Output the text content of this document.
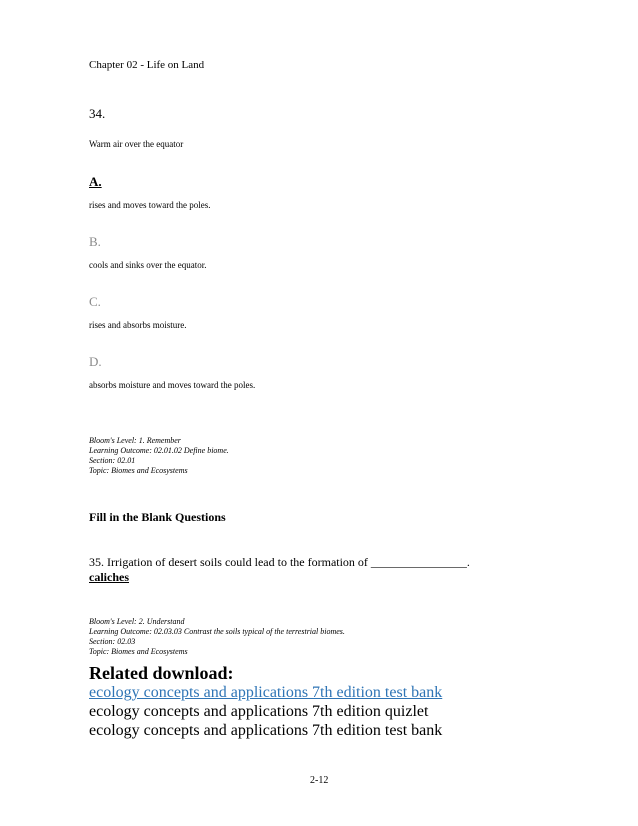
Chapter 02 - Life on Land
34.
Warm air over the equator
A.
rises and moves toward the poles.
B.
cools and sinks over the equator.
C.
rises and absorbs moisture.
D.
absorbs moisture and moves toward the poles.
Bloom's Level: 1. Remember
Learning Outcome: 02.01.02 Define biome.
Section: 02.01
Topic: Biomes and Ecosystems
Fill in the Blank Questions
35. Irrigation of desert soils could lead to the formation of ________________.
caliches
Bloom's Level: 2. Understand
Learning Outcome: 02.03.03 Contrast the soils typical of the terrestrial biomes.
Section: 02.03
Topic: Biomes and Ecosystems
Related download:
ecology concepts and applications 7th edition test bank
ecology concepts and applications 7th edition quizlet
ecology concepts and applications 7th edition test bank
2-12
